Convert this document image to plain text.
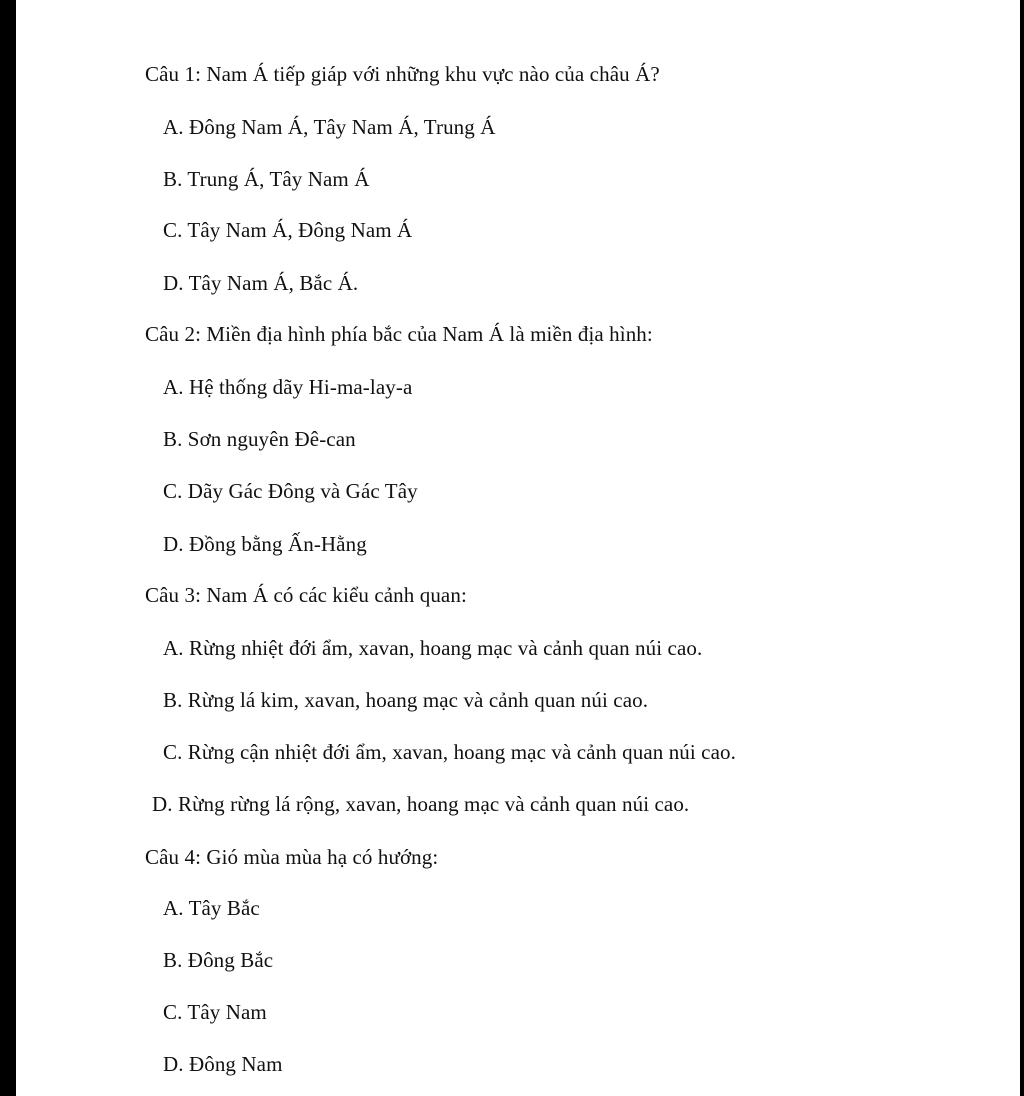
Câu 1: Nam Á tiếp giáp với những khu vực nào của châu Á?
A. Đông Nam Á, Tây Nam Á, Trung Á
B. Trung Á, Tây Nam Á
C. Tây Nam Á, Đông Nam Á
D. Tây Nam Á, Bắc Á.
Câu 2: Miền địa hình phía bắc của Nam Á là miền địa hình:
A. Hệ thống dãy Hi-ma-lay-a
B. Sơn nguyên Đê-can
C. Dãy Gác Đông và Gác Tây
D. Đồng bằng Ấn-Hằng
Câu 3: Nam Á có các kiểu cảnh quan:
A. Rừng nhiệt đới ẩm, xavan, hoang mạc và cảnh quan núi cao.
B. Rừng lá kim, xavan, hoang mạc và cảnh quan núi cao.
C. Rừng cận nhiệt đới ẩm, xavan, hoang mạc và cảnh quan núi cao.
D. Rừng rừng lá rộng, xavan, hoang mạc và cảnh quan núi cao.
Câu 4: Gió mùa mùa hạ có hướng:
A. Tây Bắc
B. Đông Bắc
C. Tây Nam
D. Đông Nam
